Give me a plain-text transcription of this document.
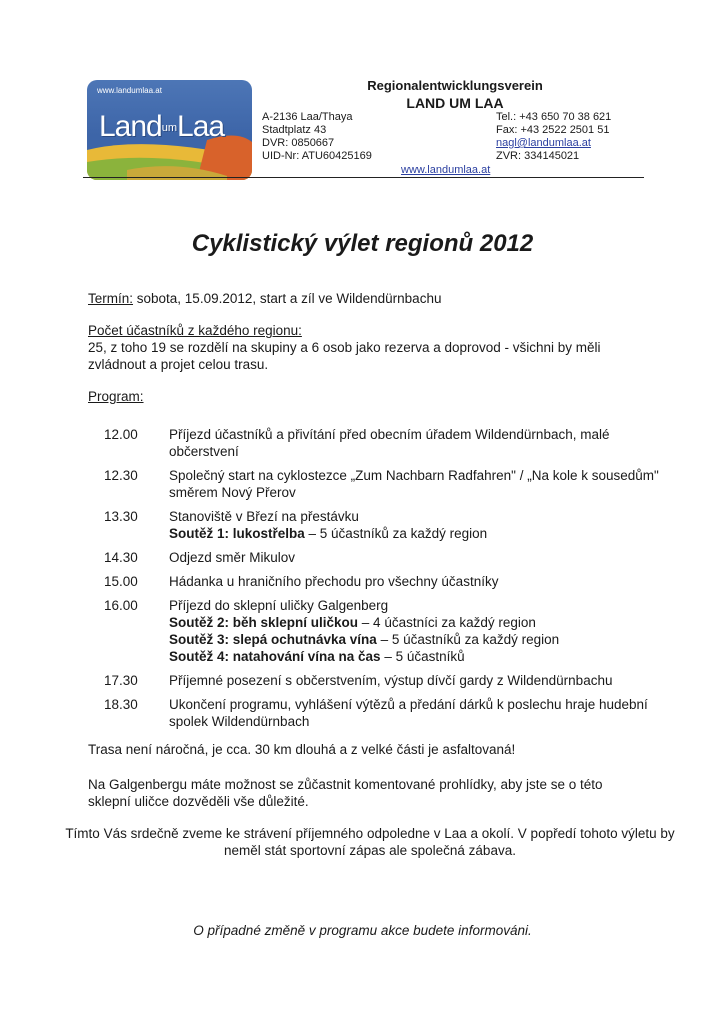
www.landumlaa.at
LandumLaa
Regionalentwicklungsverein
LAND UM LAA
A-2136 Laa/Thaya
Stadtplatz 43
DVR: 0850667
UID-Nr: ATU60425169
Tel.: +43 650 70 38 621
Fax: +43 2522 2501 51
nagl@landumlaa.at
ZVR: 334145021
www.landumlaa.at
Cyklistický výlet regionů 2012
Termín: sobota, 15.09.2012, start a zíl ve Wildendürnbachu
Počet účastníků z každého regionu:
25, z toho 19 se rozdělí na skupiny a 6 osob jako rezerva a doprovod - všichni by měli zvládnout a projet celou trasu.
Program:
12.00	Příjezd účastníků a přivítání před obecním úřadem Wildendürnbach, malé občerstvení
12.30	Společný start na cyklostezce „Zum Nachbarn Radfahren" / „Na kole k sousedům" směrem Nový Přerov
13.30	Stanoviště v Březí na přestávku
Soutěž 1: lukostřelba – 5 účastníků za každý region
14.30	Odjezd směr Mikulov
15.00	Hádanka u hraničního přechodu pro všechny účastníky
16.00	Příjezd do sklepní uličky Galgenberg
Soutěž 2: běh sklepní uličkou – 4 účastníci za každý region
Soutěž 3: slepá ochutnávka vína – 5 účastníků za každý region
Soutěž 4: natahování vína na čas – 5 účastníků
17.30	Příjemné posezení s občerstvením, výstup dívčí gardy z Wildendürnbachu
18.30	Ukončení programu, vyhlášení výtězů a předání dárků k poslechu hraje hudební spolek Wildendürnbach
Trasa není náročná, je cca. 30 km dlouhá a z velké části je asfaltovaná!
Na Galgenbergu máte možnost se zůčastnit komentované prohlídky, aby jste se o této sklepní uličce dozvěděli vše důležité.
Tímto Vás srdečně zveme ke strávení příjemného odpoledne v Laa a okolí. V popředí tohoto výletu by neměl stát sportovní zápas ale společná zábava.
O případné změně v programu akce budete informováni.
